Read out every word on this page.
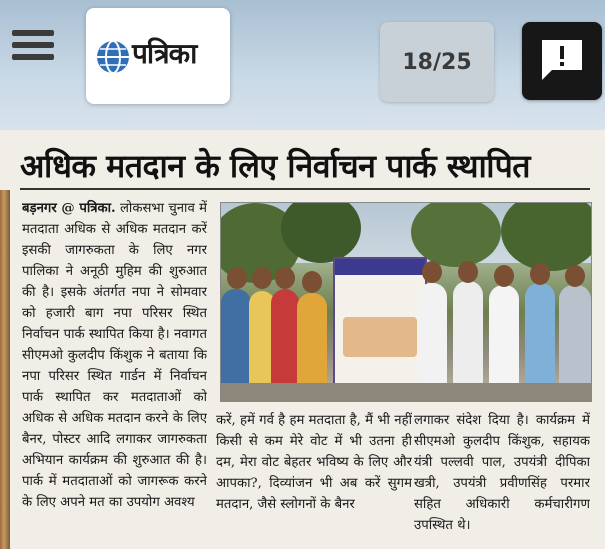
पत्रिका	18/25
अधिक मतदान के लिए निर्वाचन पार्क स्थापित
बड़नगर @ पत्रिका. लोकसभा चुनाव में मतदाता अधिक से अधिक मतदान करें इसकी जागरुकता के लिए नगर पालिका ने अनूठी मुहिम की शुरुआत की है। इसके अंतर्गत नपा ने सोमवार को हजारी बाग नपा परिसर स्थित निर्वाचन पार्क स्थापित किया है। नवागत सीएमओ कुलदीप किंशुक ने बताया कि नपा परिसर स्थित गार्डन में निर्वाचन पार्क स्थापित कर मतदाताओं को अधिक से अधिक मतदान करने के लिए बैनर, पोस्टर आदि लगाकर जागरुकता अभियान कार्यक्रम की शुरुआत की है। पार्क में मतदाताओं को जागरूक करने के लिए अपने मत का उपयोग अवश्य
करें, हमें गर्व है हम मतदाता है, मैं भी नहीं किसी से कम मेरे वोट में भी उतना ही दम, मेरा वोट बेहतर भविष्य के लिए और आपका?, दिव्यांजन भी अब करें सुगम मतदान, जैसे स्लोगनों के बैनर
लगाकर संदेश दिया है। कार्यक्रम में सीएमओ कुलदीप किंशुक, सहायक यंत्री पल्लवी पाल, उपयंत्री दीपिका खत्री, उपयंत्री प्रवीणसिंह परमार सहित अधिकारी कर्मचारीगण उपस्थित थे।
